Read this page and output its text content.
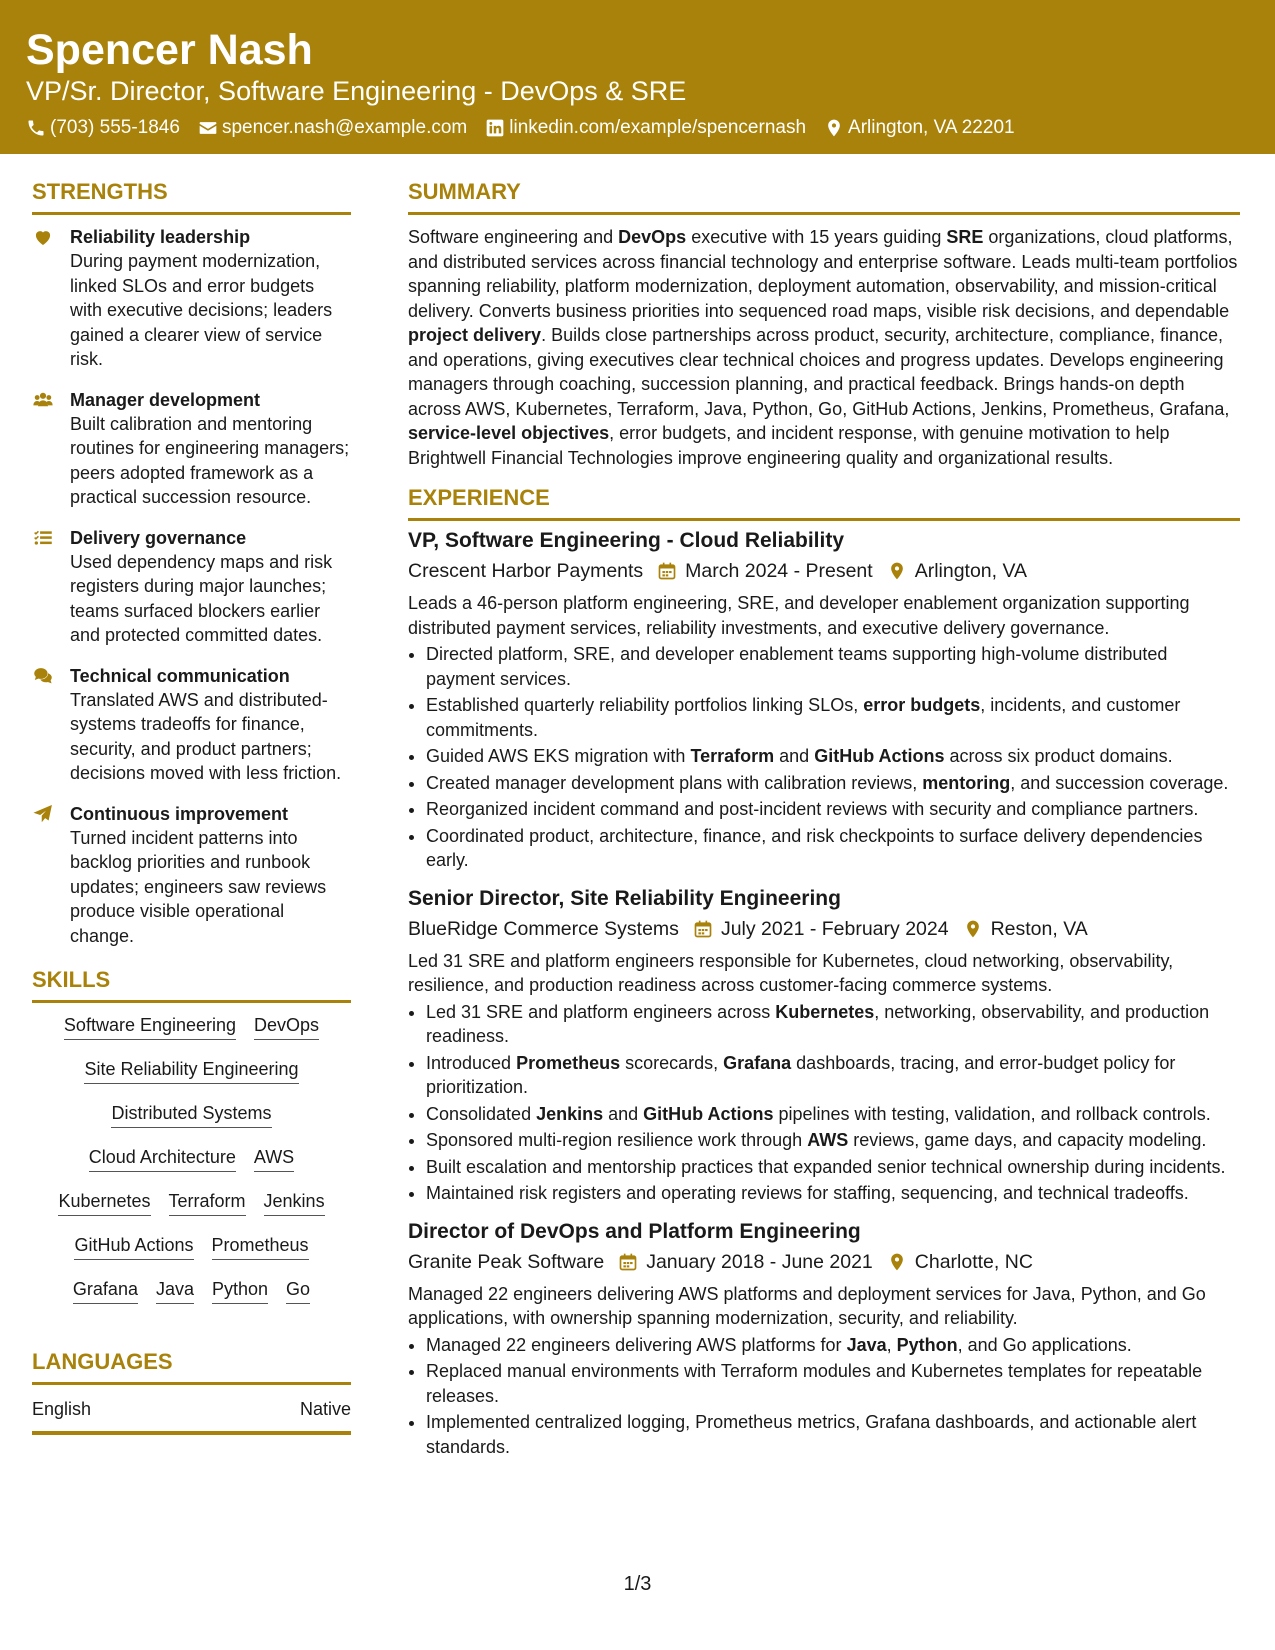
Spencer Nash
VP/Sr. Director, Software Engineering - DevOps & SRE
(703) 555-1846 spencer.nash@example.com linkedin.com/example/spencernash Arlington, VA 22201
STRENGTHS
Reliability leadership
During payment modernization, linked SLOs and error budgets with executive decisions; leaders gained a clearer view of service risk.
Manager development
Built calibration and mentoring routines for engineering managers; peers adopted framework as a practical succession resource.
Delivery governance
Used dependency maps and risk registers during major launches; teams surfaced blockers earlier and protected committed dates.
Technical communication
Translated AWS and distributed-systems tradeoffs for finance, security, and product partners; decisions moved with less friction.
Continuous improvement
Turned incident patterns into backlog priorities and runbook updates; engineers saw reviews produce visible operational change.
SKILLS
Software Engineering DevOps
Site Reliability Engineering
Distributed Systems
Cloud Architecture AWS
Kubernetes Terraform Jenkins
GitHub Actions Prometheus
Grafana Java Python Go
LANGUAGES
English	Native
SUMMARY

Software engineering and DevOps executive with 15 years guiding SRE organizations, cloud platforms, and distributed services across financial technology and enterprise software. Leads multi-team portfolios spanning reliability, platform modernization, deployment automation, observability, and mission-critical delivery. Converts business priorities into sequenced road maps, visible risk decisions, and dependable project delivery. Builds close partnerships across product, security, architecture, compliance, finance, and operations, giving executives clear technical choices and progress updates. Develops engineering managers through coaching, succession planning, and practical feedback. Brings hands-on depth across AWS, Kubernetes, Terraform, Java, Python, Go, GitHub Actions, Jenkins, Prometheus, Grafana, service-level objectives, error budgets, and incident response, with genuine motivation to help Brightwell Financial Technologies improve engineering quality and organizational results.

EXPERIENCE
VP, Software Engineering - Cloud Reliability
Crescent Harbor Payments March 2024 - Present Arlington, VA
Leads a 46-person platform engineering, SRE, and developer enablement organization supporting distributed payment services, reliability investments, and executive delivery governance.
• Directed platform, SRE, and developer enablement teams supporting high-volume distributed payment services.
• Established quarterly reliability portfolios linking SLOs, error budgets, incidents, and customer commitments.
• Guided AWS EKS migration with Terraform and GitHub Actions across six product domains.
• Created manager development plans with calibration reviews, mentoring, and succession coverage.
• Reorganized incident command and post-incident reviews with security and compliance partners.
• Coordinated product, architecture, finance, and risk checkpoints to surface delivery dependencies early.
Senior Director, Site Reliability Engineering
BlueRidge Commerce Systems July 2021 - February 2024 Reston, VA
Led 31 SRE and platform engineers responsible for Kubernetes, cloud networking, observability, resilience, and production readiness across customer-facing commerce systems.
• Led 31 SRE and platform engineers across Kubernetes, networking, observability, and production readiness.
• Introduced Prometheus scorecards, Grafana dashboards, tracing, and error-budget policy for prioritization.
• Consolidated Jenkins and GitHub Actions pipelines with testing, validation, and rollback controls.
• Sponsored multi-region resilience work through AWS reviews, game days, and capacity modeling.
• Built escalation and mentorship practices that expanded senior technical ownership during incidents.
• Maintained risk registers and operating reviews for staffing, sequencing, and technical tradeoffs.
Director of DevOps and Platform Engineering
Granite Peak Software January 2018 - June 2021 Charlotte, NC
Managed 22 engineers delivering AWS platforms and deployment services for Java, Python, and Go applications, with ownership spanning modernization, security, and reliability.
• Managed 22 engineers delivering AWS platforms for Java, Python, and Go applications.
• Replaced manual environments with Terraform modules and Kubernetes templates for repeatable releases.
• Implemented centralized logging, Prometheus metrics, Grafana dashboards, and actionable alert standards.
1/3
